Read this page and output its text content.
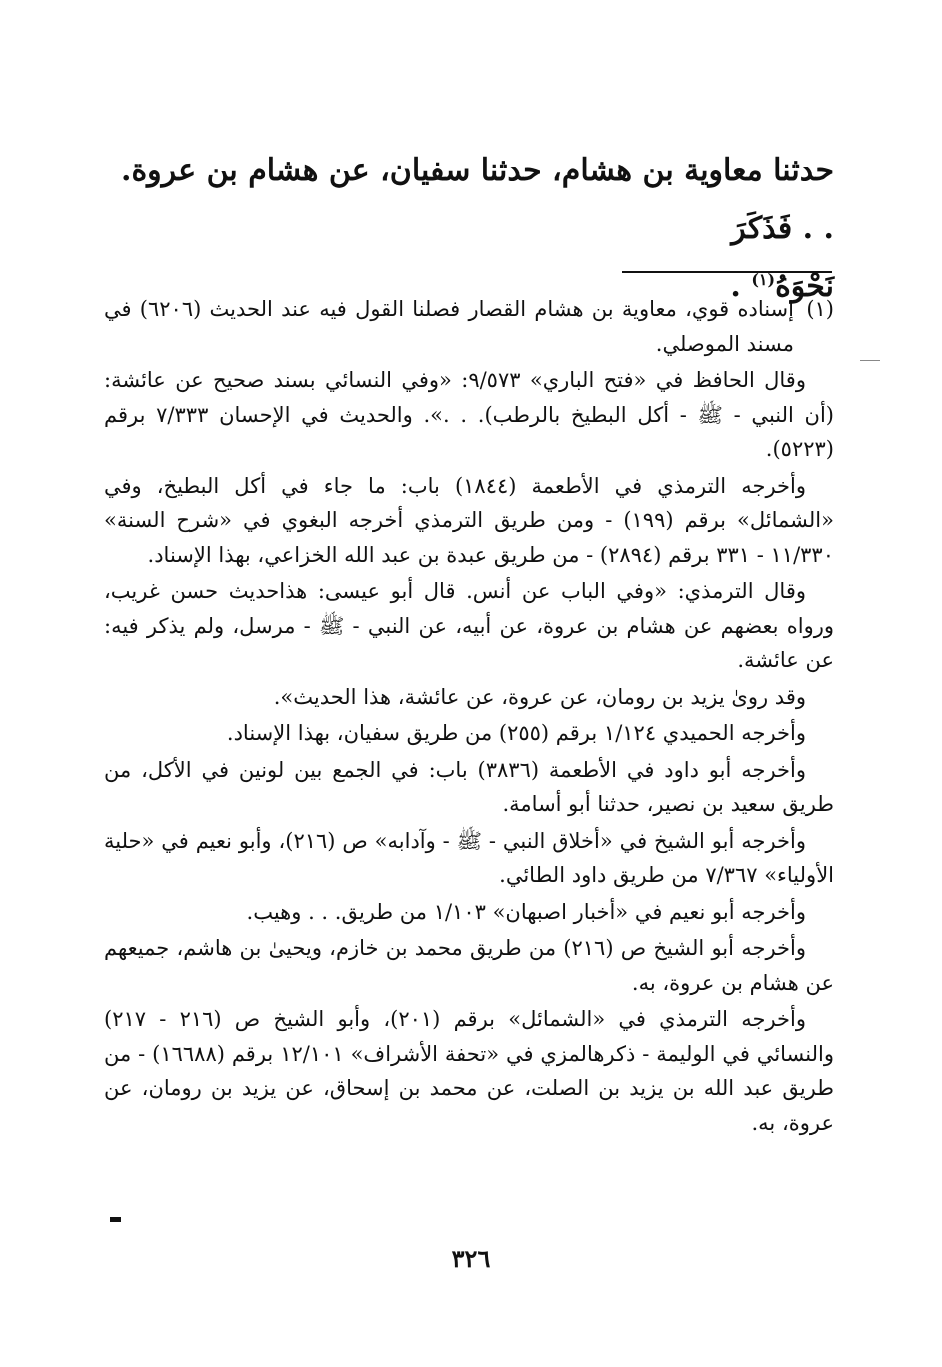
حدثنا معاوية بن هشام، حدثنا سفيان، عن هشام بن عروة. . . فَذَكَرَ
نَحْوَهُ$^{(١)}$ .
(١)
إسناده قوي، معاوية بن هشام القصار فصلنا القول فيه عند الحديث (٦٢٠٦) في مسند الموصلي.
وقال الحافظ في «فتح الباري» ٩/٥٧٣: «وفي النسائي بسند صحيح عن عائشة: (أن النبي - ﷺ - أكل البطيخ بالرطب). . .». والحديث في الإحسان ٧/٣٣٣ برقم (٥٢٢٣).
وأخرجه الترمذي في الأطعمة (١٨٤٤) باب: ما جاء في أكل البطيخ، وفي «الشمائل» برقم (١٩٩) - ومن طريق الترمذي أخرجه البغوي في «شرح السنة» ١١/٣٣٠ - ٣٣١ برقم (٢٨٩٤) - من طريق عبدة بن عبد الله الخزاعي، بهذا الإسناد.
وقال الترمذي: «وفي الباب عن أنس. قال أبو عيسى: هذاحديث حسن غريب، ورواه بعضهم عن هشام بن عروة، عن أبيه، عن النبي - ﷺ - مرسل، ولم يذكر فيه: عن عائشة.
وقد روىٰ يزيد بن رومان، عن عروة، عن عائشة، هذا الحديث».
وأخرجه الحميدي ١/١٢٤ برقم (٢٥٥) من طريق سفيان، بهذا الإسناد.
وأخرجه أبو داود في الأطعمة (٣٨٣٦) باب: في الجمع بين لونين في الأكل، من طريق سعيد بن نصير، حدثنا أبو أسامة.
وأخرجه أبو الشيخ في «أخلاق النبي - ﷺ - وآدابه» ص (٢١٦)، وأبو نعيم في «حلية الأولياء» ٧/٣٦٧ من طريق داود الطائي.
وأخرجه أبو نعيم في «أخبار اصبهان» ١/١٠٣ من طريق. . . وهيب.
وأخرجه أبو الشيخ ص (٢١٦) من طريق محمد بن خازم، ويحيىٰ بن هاشم، جميعهم عن هشام بن عروة، به.
وأخرجه الترمذي في «الشمائل» برقم (٢٠١)، وأبو الشيخ ص (٢١٦ - ٢١٧) والنسائي في الوليمة - ذكرهالمزي في «تحفة الأشراف» ١٢/١٠١ برقم (١٦٦٨٨) - من طريق عبد الله بن يزيد بن الصلت، عن محمد بن إسحاق، عن يزيد بن رومان، عن عروة، به.
٣٢٦
